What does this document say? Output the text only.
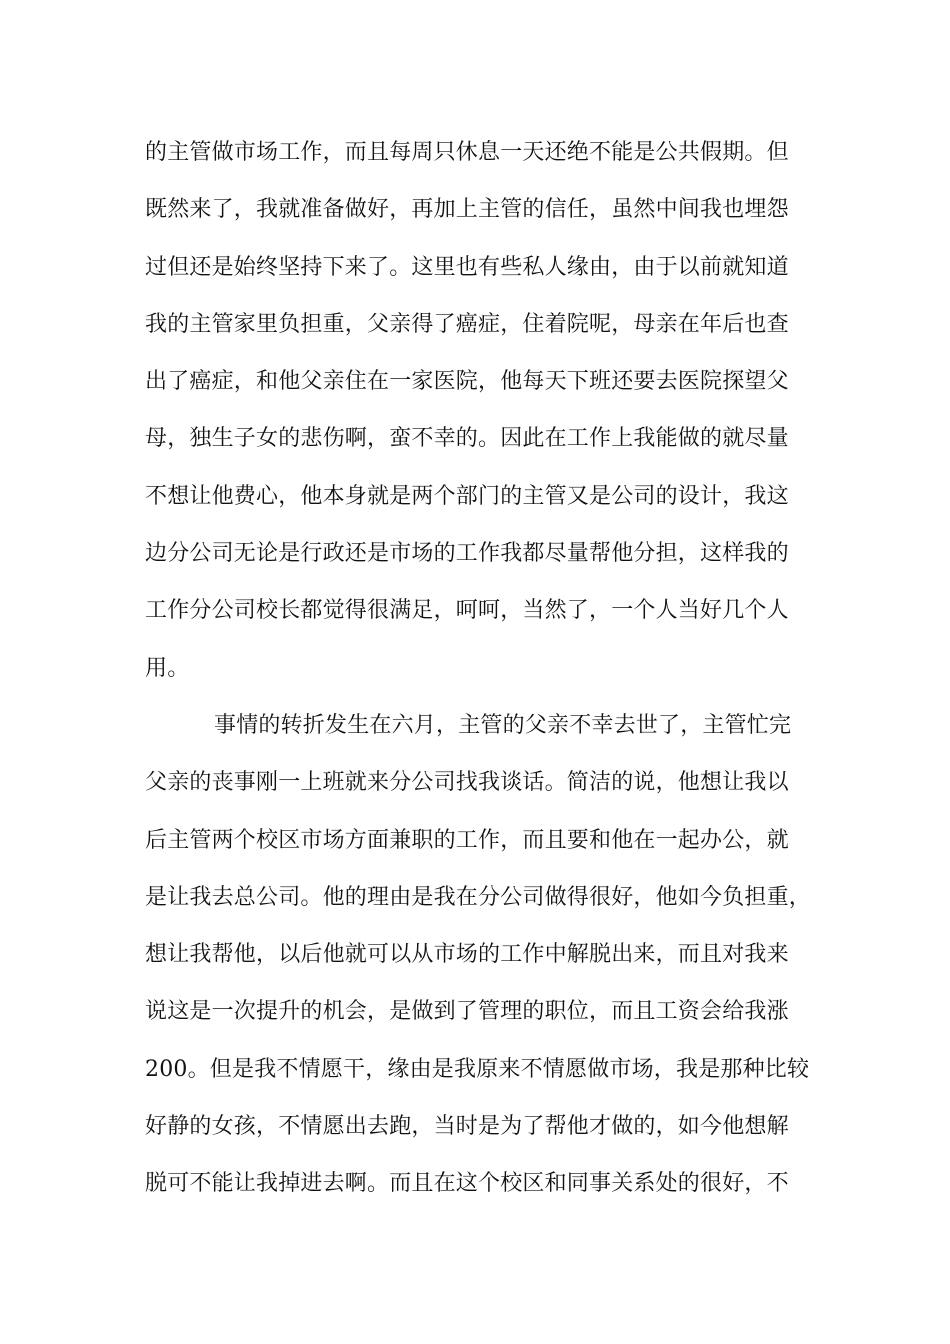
的主管做市场工作，而且每周只休息一天还绝不能是公共假期。但
既然来了，我就准备做好，再加上主管的信任，虽然中间我也埋怨
过但还是始终坚持下来了。这里也有些私人缘由，由于以前就知道
我的主管家里负担重，父亲得了癌症，住着院呢，母亲在年后也查
出了癌症，和他父亲住在一家医院，他每天下班还要去医院探望父
母，独生子女的悲伤啊，蛮不幸的。因此在工作上我能做的就尽量
不想让他费心，他本身就是两个部门的主管又是公司的设计，我这
边分公司无论是行政还是市场的工作我都尽量帮他分担，这样我的
工作分公司校长都觉得很满足，呵呵，当然了，一个人当好几个人
用。
事情的转折发生在六月，主管的父亲不幸去世了，主管忙完
父亲的丧事刚一上班就来分公司找我谈话。简洁的说，他想让我以
后主管两个校区市场方面兼职的工作，而且要和他在一起办公，就
是让我去总公司。他的理由是我在分公司做得很好，他如今负担重，
想让我帮他，以后他就可以从市场的工作中解脱出来，而且对我来
说这是一次提升的机会，是做到了管理的职位，而且工资会给我涨
200。但是我不情愿干，缘由是我原来不情愿做市场，我是那种比较
好静的女孩，不情愿出去跑，当时是为了帮他才做的，如今他想解
脱可不能让我掉进去啊。而且在这个校区和同事关系处的很好，不
